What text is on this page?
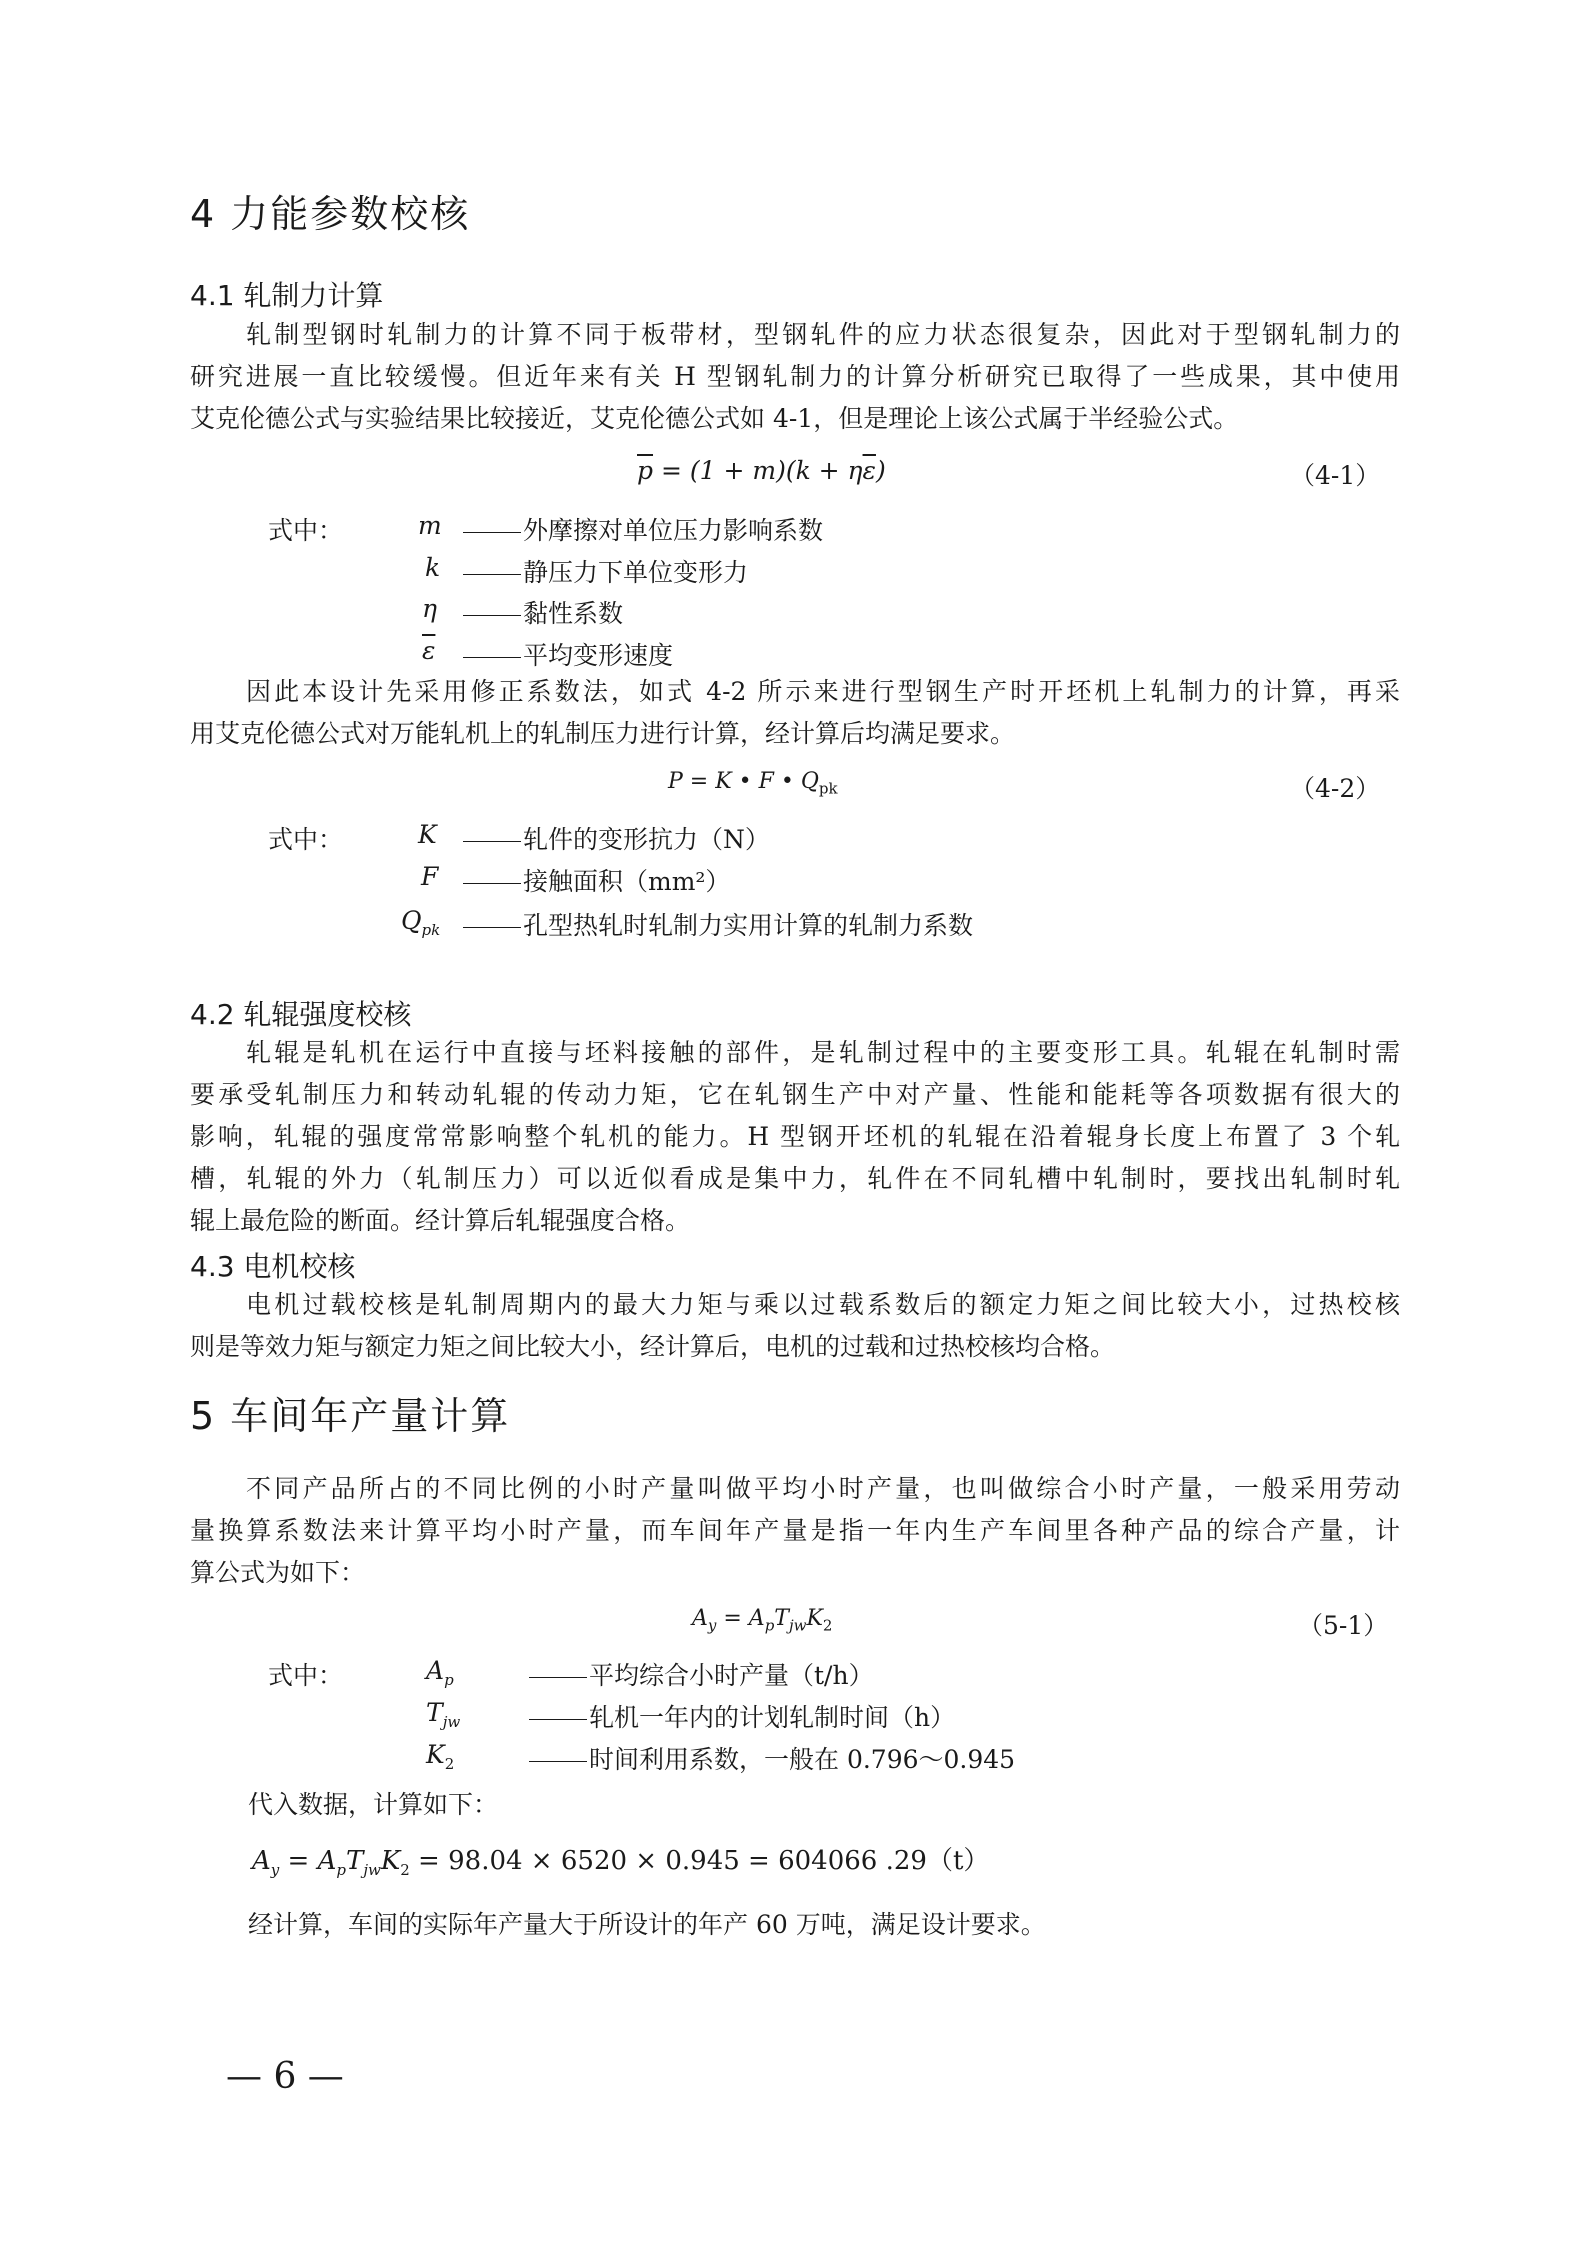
4 力能参数校核
4.1 轧制力计算
轧制型钢时轧制力的计算不同于板带材，型钢轧件的应力状态很复杂，因此对于型钢轧制力的
研究进展一直比较缓慢。但近年来有关 H 型钢轧制力的计算分析研究已取得了一些成果，其中使用
艾克伦德公式与实验结果比较接近，艾克伦德公式如 4-1，但是理论上该公式属于半经验公式。
$\overline{p} = (1 + m)(k + \eta\overline{\varepsilon})$	（4-1）
式中：	m	外摩擦对单位压力影响系数
k	静压力下单位变形力
η	黏性系数
$\overline{\varepsilon}$	平均变形速度
因此本设计先采用修正系数法，如式 4-2 所示来进行型钢生产时开坯机上轧制力的计算，再采
用艾克伦德公式对万能轧机上的轧制压力进行计算，经计算后均满足要求。
P = K • F • $Q_{pk}$	（4-2）
式中：	K	轧件的变形抗力（N）
F	接触面积（mm²）
$Q_{pk}$	孔型热轧时轧制力实用计算的轧制力系数
4.2 轧辊强度校核
轧辊是轧机在运行中直接与坯料接触的部件，是轧制过程中的主要变形工具。轧辊在轧制时需
要承受轧制压力和转动轧辊的传动力矩，它在轧钢生产中对产量、性能和能耗等各项数据有很大的
影响，轧辊的强度常常影响整个轧机的能力。H 型钢开坯机的轧辊在沿着辊身长度上布置了 3 个轧
槽，轧辊的外力（轧制压力）可以近似看成是集中力，轧件在不同轧槽中轧制时，要找出轧制时轧
辊上最危险的断面。经计算后轧辊强度合格。
4.3 电机校核
电机过载校核是轧制周期内的最大力矩与乘以过载系数后的额定力矩之间比较大小，过热校核
则是等效力矩与额定力矩之间比较大小，经计算后，电机的过载和过热校核均合格。
5 车间年产量计算
不同产品所占的不同比例的小时产量叫做平均小时产量，也叫做综合小时产量，一般采用劳动
量换算系数法来计算平均小时产量，而车间年产量是指一年内生产车间里各种产品的综合产量，计
算公式为如下：
$A_y = A_pT_{jw}K_2$	（5-1）
式中：	$A_p$	平均综合小时产量（t/h）
$T_{jw}$	轧机一年内的计划轧制时间（h）
$K_2$	时间利用系数，一般在 0.796～0.945
代入数据，计算如下：
$A_y = A_pT_{jw}K_2 = 98.04 \times 6520 \times 0.945 = 604066$ .29（t）
经计算，车间的实际年产量大于所设计的年产 60 万吨，满足设计要求。
— 6 —
